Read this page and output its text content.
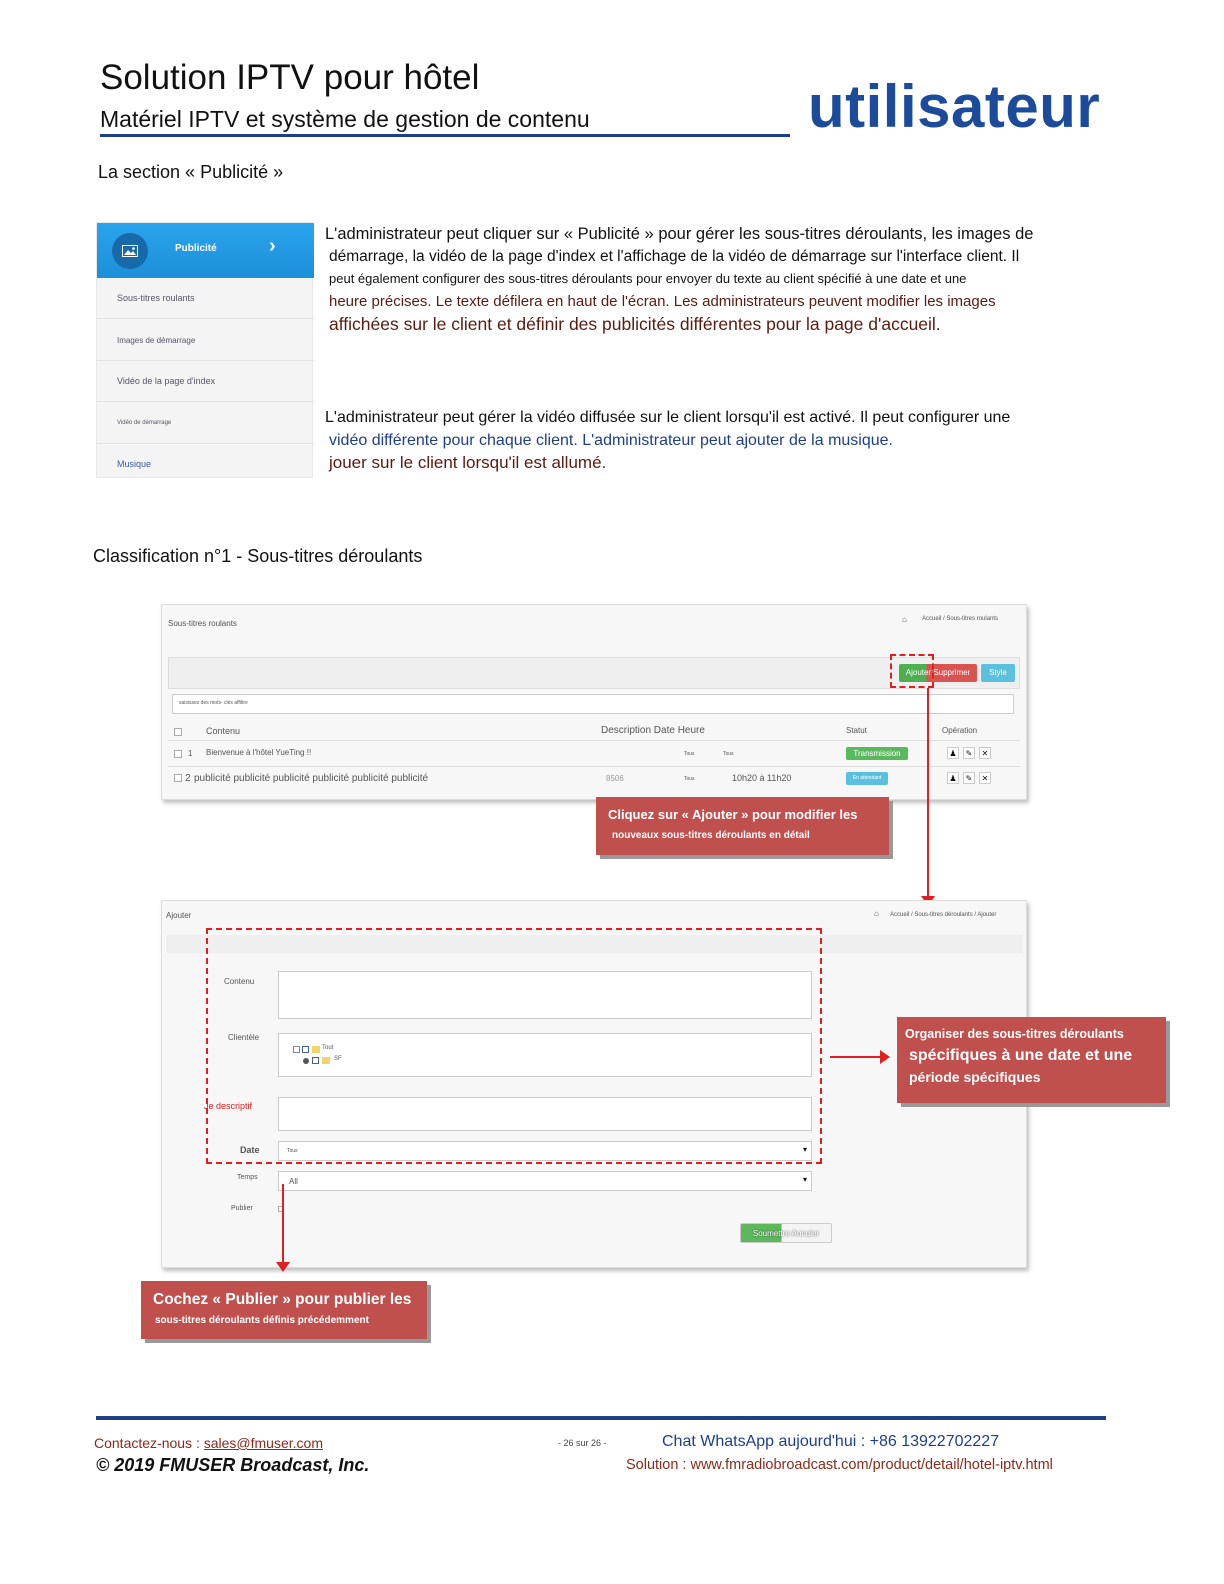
Solution IPTV pour hôtel
Matériel IPTV et système de gestion de contenu	utilisateur
La section « Publicité »
Publicité	›
Sous-titres roulants
Images de démarrage
Vidéo de la page d'index
Vidéo de démarrage
Musique
L'administrateur peut cliquer sur « Publicité » pour gérer les sous-titres déroulants, les images de
démarrage, la vidéo de la page d'index et l'affichage de la vidéo de démarrage sur l'interface client. Il
peut également configurer des sous-titres déroulants pour envoyer du texte au client spécifié à une date et une
heure précises. Le texte défilera en haut de l'écran. Les administrateurs peuvent modifier les images
affichées sur le client et définir des publicités différentes pour la page d'accueil.
L'administrateur peut gérer la vidéo diffusée sur le client lorsqu'il est activé. Il peut configurer une
vidéo différente pour chaque client. L'administrateur peut ajouter de la musique.
jouer sur le client lorsqu'il est allumé.
Classification n°1 - Sous-titres déroulants
Sous-titres roulants	⌂	Accueil / Sous-titres roulants
Ajouter Supprimer	Style
saisissez des mots- clés affiltre
Contenu	Description Date Heure	Statut	Opération
1 Bienvenue à l'hôtel YueTing !!	Tous	Tous	Transmission	♟	✎	✕
2 publicité publicité publicité publicité publicité publicité	8506	Tous	10h20 à 11h20	En attendant	♟	✎	✕
Cliquez sur « Ajouter » pour modifier les
nouveaux sous-titres déroulants en détail
Ajouter	⌂ Accueil / Sous-titres déroulants / Ajouter
Contenu
Clientèle
Tout
SF
Je descriptif
Date	Tous	▾
Temps	All	▾
Publier
Soumettre Annuler
Organiser des sous-titres déroulants
spécifiques à une date et une
période spécifiques
Cochez « Publier » pour publier les
sous-titres déroulants définis précédemment
Contactez-nous : sales@fmuser.com	- 26 sur 26 -	Chat WhatsApp aujourd'hui : +86 13922702227
© 2019 FMUSER Broadcast, Inc.	Solution : www.fmradiobroadcast.com/product/detail/hotel-iptv.html
